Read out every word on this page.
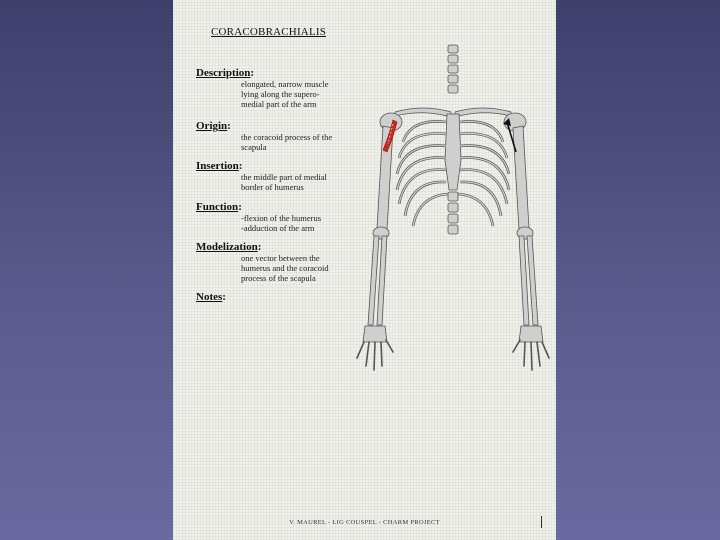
CORACOBRACHIALIS
Description:
elongated, narrow muscle
lying along the supero-
medial part of the arm
Origin:
the coracoid process of the
scapula
Insertion:
the middle part of medial
border of humerus
Function:
-flexion of the humerus
-adduction of the arm
Modelization:
one vector between the
humerus and the coracoid
process of the scapula
Notes:
V. MAUREL - LIG COUSPEL - CHARM PROJECT
